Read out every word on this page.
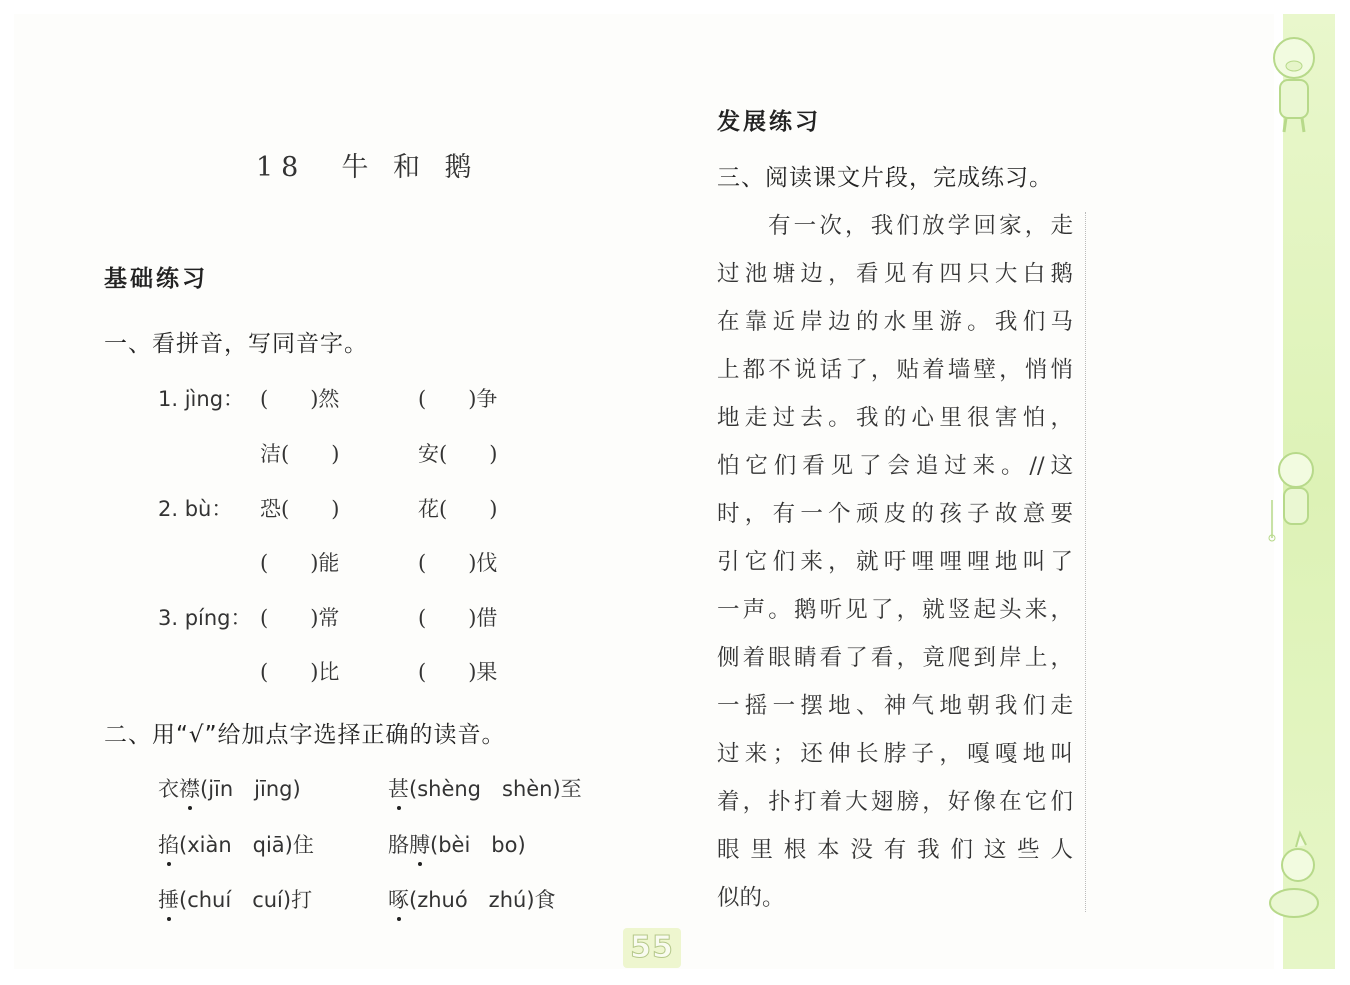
18　牛 和 鹅
基础练习
一、看拼音，写同音字。
1. jìng： (　　)然	(　　)争
洁(　　)	安(　　)
2. bù： 恐(　　)	花(　　)
(　　)能	(　　)伐
3. píng： (　　)常	(　　)借
(　　)比	(　　)果
二、用“√”给加点字选择正确的读音。
衣襟(jīn　jīng)	甚(shèng　shèn)至
掐(xiàn　qiā)住	胳膊(bèi　bo)
捶(chuí　cuí)打	啄(zhuó　zhú)食
发展练习
三、阅读课文片段，完成练习。
有一次，我们放学回家，走
过池塘边，看见有四只大白鹅
在靠近岸边的水里游。我们马
上都不说话了，贴着墙壁，悄悄
地走过去。我的心里很害怕，
怕它们看见了会追过来。//这
时，有一个顽皮的孩子故意要
引它们来，就吁哩哩哩地叫了
一声。鹅听见了，就竖起头来，
侧着眼睛看了看，竟爬到岸上，
一摇一摆地、神气地朝我们走
过来；还伸长脖子，嘎嘎地叫
着，扑打着大翅膀，好像在它们
眼里根本没有我们这些人
似的。
55
